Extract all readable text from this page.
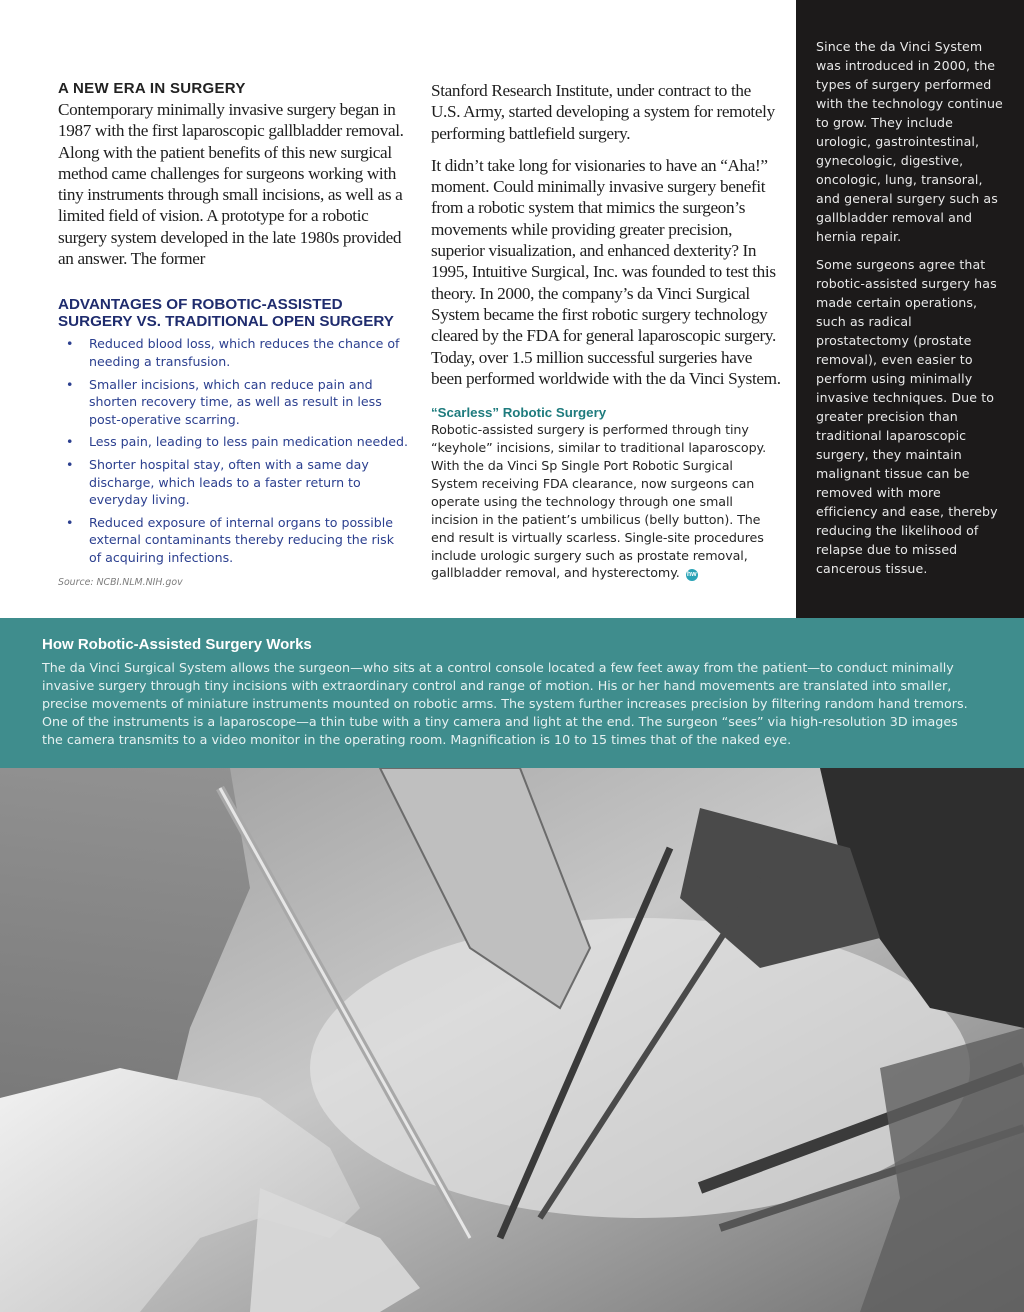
A NEW ERA IN SURGERY

Contemporary minimally invasive surgery began in 1987 with the first laparoscopic gallbladder removal. Along with the patient benefits of this new surgical method came challenges for surgeons working with tiny instruments through small incisions, as well as a limited field of vision. A prototype for a robotic surgery system developed in the late 1980s provided an answer. The former

ADVANTAGES OF ROBOTIC-ASSISTED SURGERY VS. TRADITIONAL OPEN SURGERY
• Reduced blood loss, which reduces the chance of needing a transfusion.
• Smaller incisions, which can reduce pain and shorten recovery time, as well as result in less post-operative scarring.
• Less pain, leading to less pain medication needed.
• Shorter hospital stay, often with a same day discharge, which leads to a faster return to everyday living.
• Reduced exposure of internal organs to possible external contaminants thereby reducing the risk of acquiring infections.
Source: NCBI.NLM.NIH.gov

Stanford Research Institute, under contract to the U.S. Army, started developing a system for remotely performing battlefield surgery.

It didn’t take long for visionaries to have an “Aha!” moment. Could minimally invasive surgery benefit from a robotic system that mimics the surgeon’s movements while providing greater precision, superior visualization, and enhanced dexterity? In 1995, Intuitive Surgical, Inc. was founded to test this theory. In 2000, the company’s da Vinci Surgical System became the first robotic surgery technology cleared by the FDA for general laparoscopic surgery. Today, over 1.5 million successful surgeries have been performed worldwide with the da Vinci System.

“Scarless” Robotic Surgery

Robotic-assisted surgery is performed through tiny “keyhole” incisions, similar to traditional laparoscopy. With the da Vinci Sp Single Port Robotic Surgical System receiving FDA clearance, now surgeons can operate using the technology through one small incision in the patient’s umbilicus (belly button). The end result is virtually scarless. Single-site procedures include urologic surgery such as prostate removal, gallbladder removal, and hysterectomy. hw

Since the da Vinci System was introduced in 2000, the types of surgery performed with the technology continue to grow. They include urologic, gastrointestinal, gynecologic, digestive, oncologic, lung, transoral, and general surgery such as gallbladder removal and hernia repair.

Some surgeons agree that robotic-assisted surgery has made certain operations, such as radical prostatectomy (prostate removal), even easier to perform using minimally invasive techniques. Due to greater precision than traditional laparoscopic surgery, they maintain malignant tissue can be removed with more efficiency and ease, thereby reducing the likelihood of relapse due to missed cancerous tissue.

How Robotic-Assisted Surgery Works

The da Vinci Surgical System allows the surgeon—who sits at a control console located a few feet away from the patient—to conduct minimally invasive surgery through tiny incisions with extraordinary control and range of motion. His or her hand movements are translated into smaller, precise movements of miniature instruments mounted on robotic arms. The system further increases precision by filtering random hand tremors. One of the instruments is a laparoscope—a thin tube with a tiny camera and light at the end. The surgeon “sees” via high-resolution 3D images the camera transmits to a video monitor in the operating room. Magnification is 10 to 15 times that of the naked eye.
